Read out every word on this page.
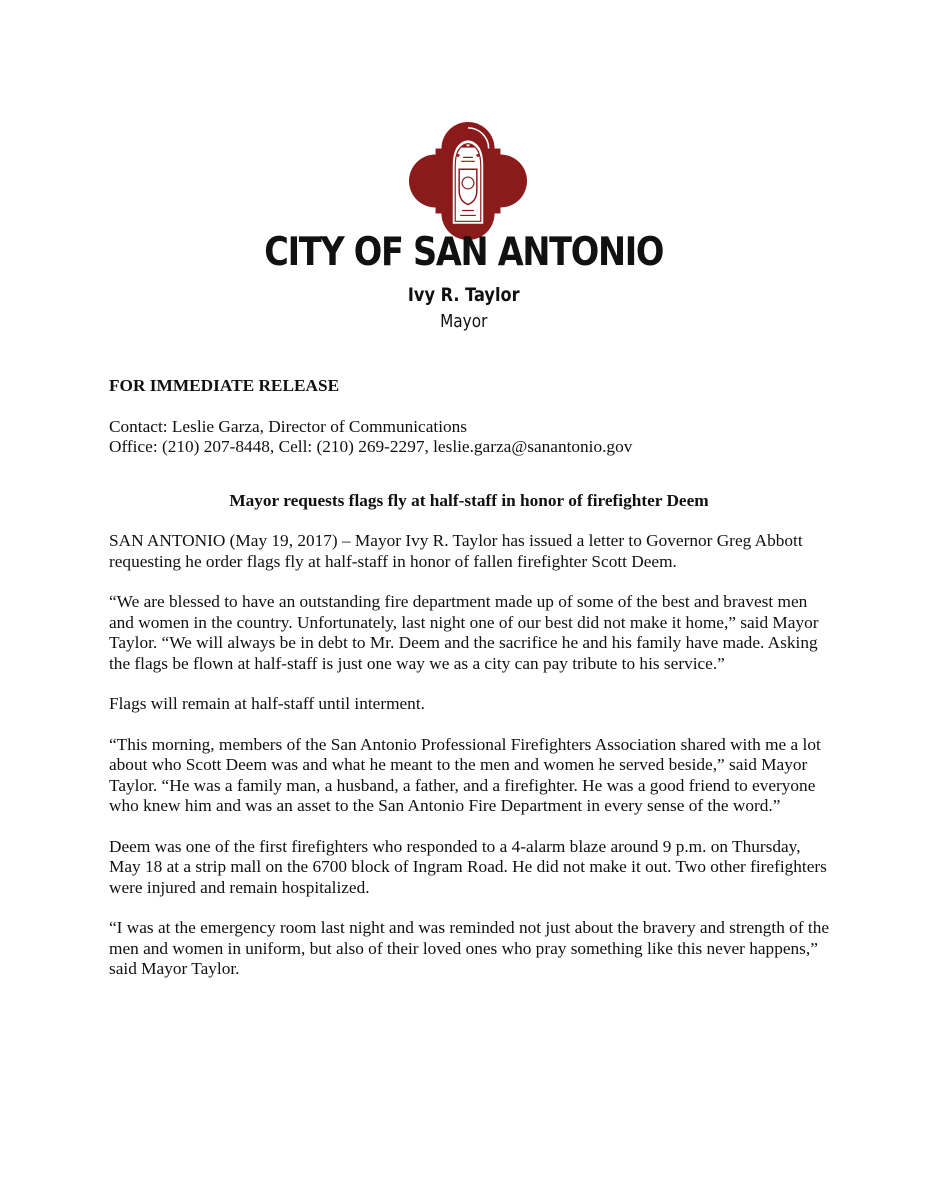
CITY OF SAN ANTONIO
Ivy R. Taylor
Mayor

FOR IMMEDIATE RELEASE

Contact: Leslie Garza, Director of Communications

Office: (210) 207-8448, Cell: (210) 269-2297, leslie.garza@sanantonio.gov

Mayor requests flags fly at half-staff in honor of firefighter Deem

SAN ANTONIO (May 19, 2017) – Mayor Ivy R. Taylor has issued a letter to Governor Greg Abbott requesting he order flags fly at half-staff in honor of fallen firefighter Scott Deem.

“We are blessed to have an outstanding fire department made up of some of the best and bravest men and women in the country. Unfortunately, last night one of our best did not make it home,” said Mayor Taylor. “We will always be in debt to Mr. Deem and the sacrifice he and his family have made. Asking the flags be flown at half-staff is just one way we as a city can pay tribute to his service.”

Flags will remain at half-staff until interment.

“This morning, members of the San Antonio Professional Firefighters Association shared with me a lot about who Scott Deem was and what he meant to the men and women he served beside,” said Mayor Taylor. “He was a family man, a husband, a father, and a firefighter. He was a good friend to everyone who knew him and was an asset to the San Antonio Fire Department in every sense of the word.”

Deem was one of the first firefighters who responded to a 4-alarm blaze around 9 p.m. on Thursday, May 18 at a strip mall on the 6700 block of Ingram Road. He did not make it out. Two other firefighters were injured and remain hospitalized.

“I was at the emergency room last night and was reminded not just about the bravery and strength of the men and women in uniform, but also of their loved ones who pray something like this never happens,” said Mayor Taylor.
